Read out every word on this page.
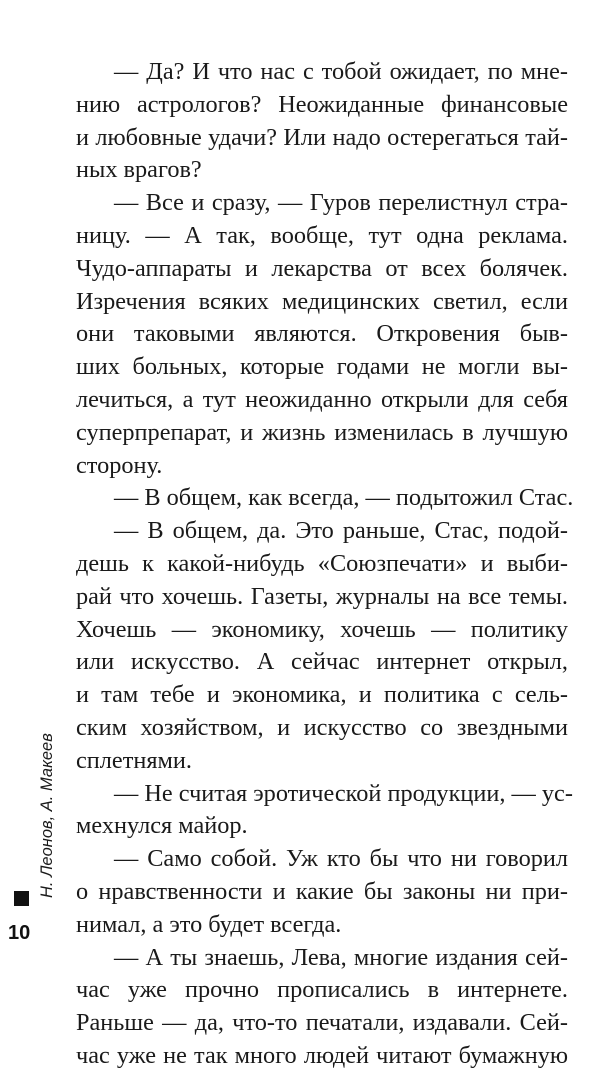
— Да? И что нас с тобой ожидает, по мне-
нию астрологов? Неожиданные финансовые
и любовные удачи? Или надо остерегаться тай-
ных врагов?

— Все и сразу, — Гуров перелистнул стра-
ницу. — А так, вообще, тут одна реклама.
Чудо-аппараты и лекарства от всех болячек.
Изречения всяких медицинских светил, если
они таковыми являются. Откровения быв-
ших больных, которые годами не могли вы-
лечиться, а тут неожиданно открыли для себя
суперпрепарат, и жизнь изменилась в лучшую
сторону.

— В общем, как всегда, — подытожил Стас.

— В общем, да. Это раньше, Стас, подой-
дешь к какой-нибудь «Союзпечати» и выби-
рай что хочешь. Газеты, журналы на все темы.
Хочешь — экономику, хочешь — политику
или искусство. А сейчас интернет открыл,
и там тебе и экономика, и политика с сель-
ским хозяйством, и искусство со звездными
сплетнями.

— Не считая эротической продукции, — ус-
мехнулся майор.

— Само собой. Уж кто бы что ни говорил
о нравственности и какие бы законы ни при-
нимал, а это будет всегда.

— А ты знаешь, Лева, многие издания сей-
час уже прочно прописались в интернете.
Раньше — да, что-то печатали, издавали. Сей-
час уже не так много людей читают бумажную

Н. Леонов, А. Макеев
10
